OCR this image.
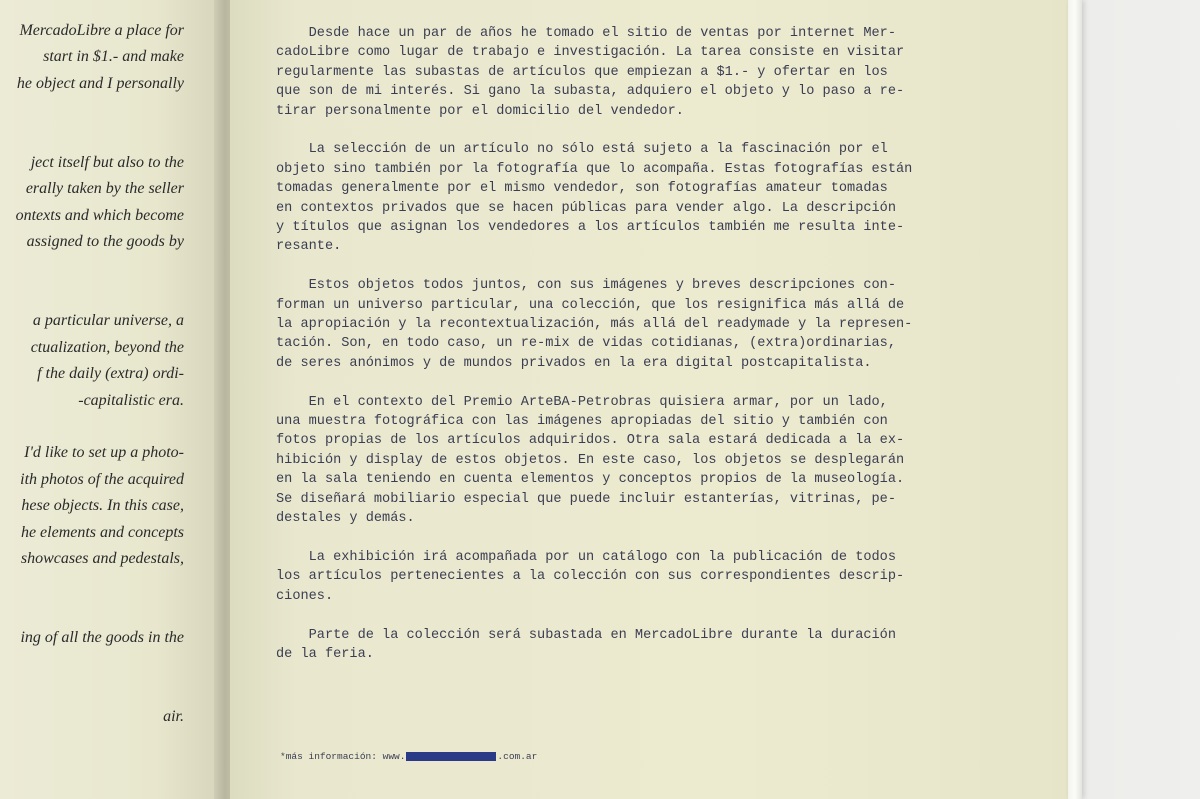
MercadoLibre a place for
start in $1.- and make
he object and I personally
ject itself but also to the
erally taken by the seller
ontexts and which become
assigned to the goods by
a particular universe, a
ctualization, beyond the
f the daily (extra) ordi-
-capitalistic era.
I'd like to set up a photo-
ith photos of the acquired
hese objects. In this case,
he elements and concepts
showcases and pedestals,
ing of all the goods in the
air.
Desde hace un par de años he tomado el sitio de ventas por internet Mer-
cadoLibre como lugar de trabajo e investigación. La tarea consiste en visitar
regularmente las subastas de artículos que empiezan a $1.- y ofertar en los
que son de mi interés. Si gano la subasta, adquiero el objeto y lo paso a re-
tirar personalmente por el domicilio del vendedor.
La selección de un artículo no sólo está sujeto a la fascinación por el
objeto sino también por la fotografía que lo acompaña. Estas fotografías están
tomadas generalmente por el mismo vendedor, son fotografías amateur tomadas
en contextos privados que se hacen públicas para vender algo. La descripción
y títulos que asignan los vendedores a los artículos también me resulta inte-
resante.
Estos objetos todos juntos, con sus imágenes y breves descripciones con-
forman un universo particular, una colección, que los resignifica más allá de
la apropiación y la recontextualización, más allá del readymade y la represen-
tación. Son, en todo caso, un re-mix de vidas cotidianas, (extra)ordinarias,
de seres anónimos y de mundos privados en la era digital postcapitalista.
En el contexto del Premio ArteBA-Petrobras quisiera armar, por un lado,
una muestra fotográfica con las imágenes apropiadas del sitio y también con
fotos propias de los artículos adquiridos. Otra sala estará dedicada a la ex-
hibición y display de estos objetos. En este caso, los objetos se desplegarán
en la sala teniendo en cuenta elementos y conceptos propios de la museología.
Se diseñará mobiliario especial que puede incluir estanterías, vitrinas, pe-
destales y demás.
La exhibición irá acompañada por un catálogo con la publicación de todos
los artículos pertenecientes a la colección con sus correspondientes descrip-
ciones.
Parte de la colección será subastada en MercadoLibre durante la duración
de la feria.
*más información: www.	.com.ar
